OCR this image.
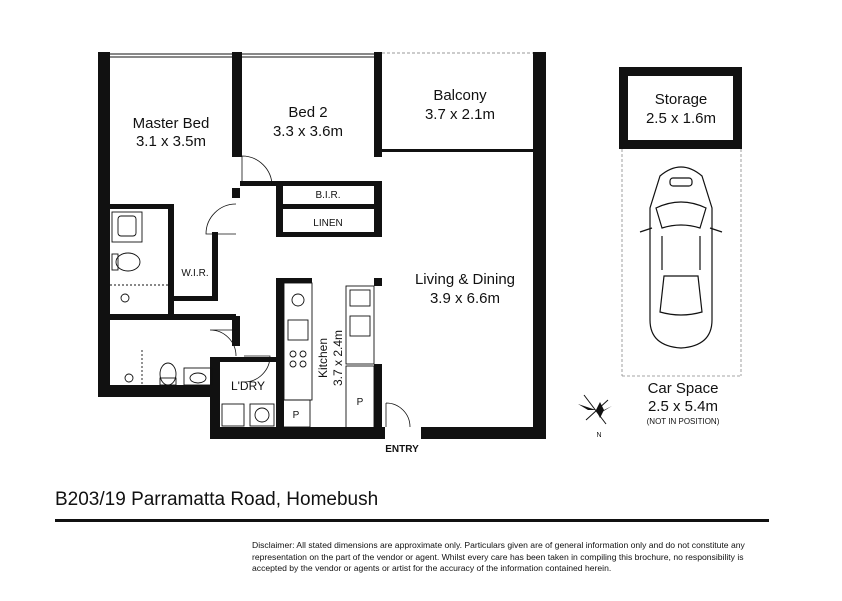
Master Bed
3.1 x 3.5m
Bed 2
3.3 x 3.6m
Balcony
3.7 x 2.1m
Living & Dining
3.9 x 6.6m
Kitchen 3.7 x 2.4m
B.I.R.
LINEN
W.I.R.
L'DRY
P
P
ENTRY
Storage
2.5 x 1.6m
Car Space
2.5 x 5.4m
(NOT IN POSITION)
N
B203/19 Parramatta Road, Homebush
Disclaimer: All stated dimensions are approximate only. Particulars given are of general information only and do not constitute any representation on the part of the vendor or agent. Whilst every care has been taken in compiling this brochure, no responsibility is accepted by the vendor or agents or artist for the accuracy of the information contained herein.
